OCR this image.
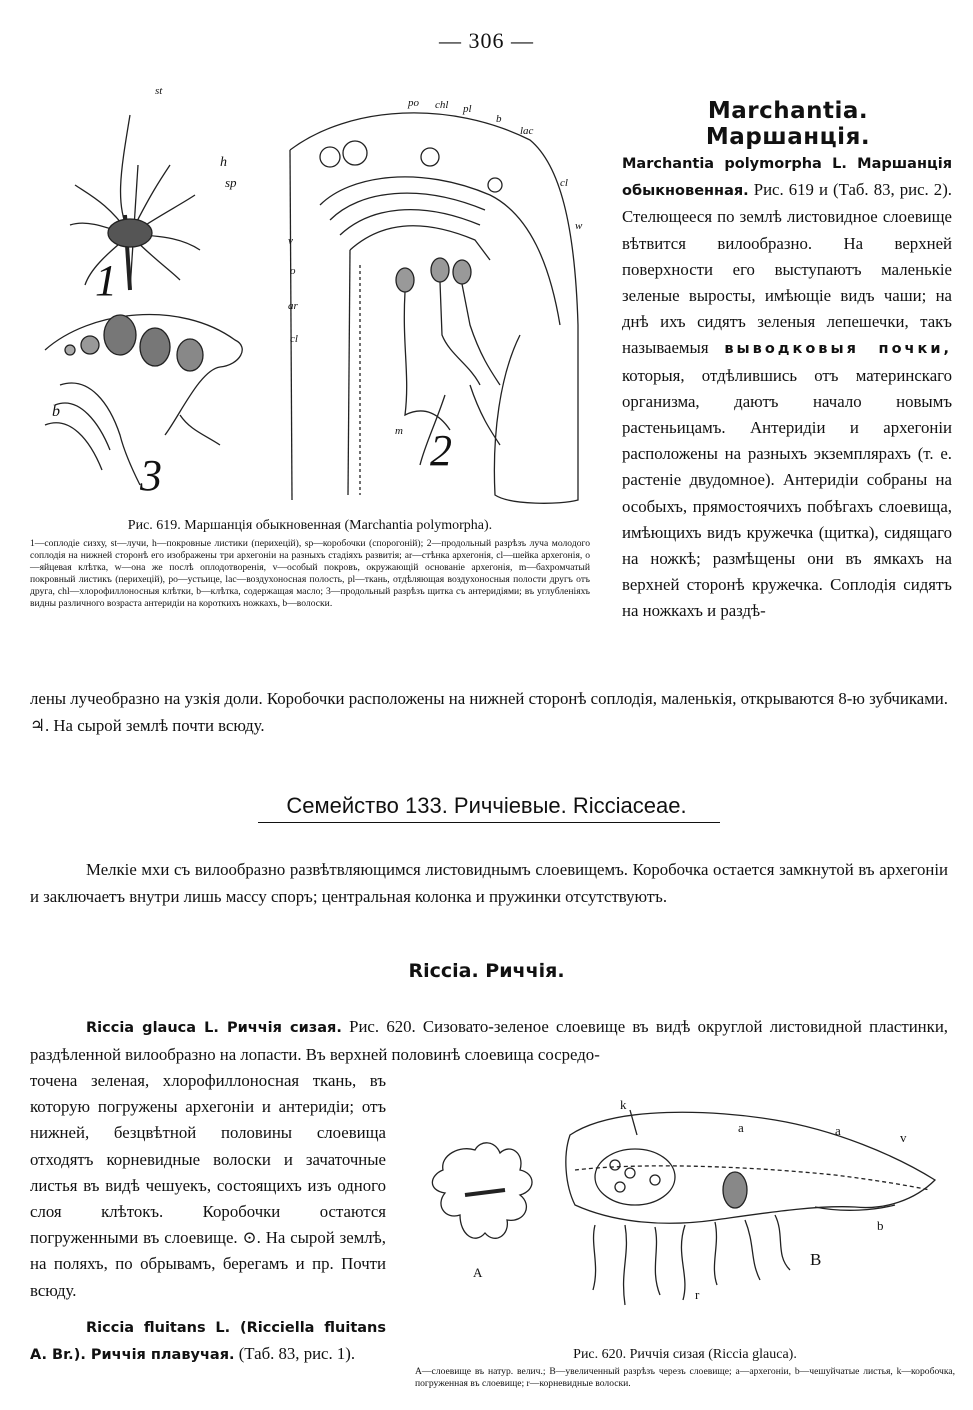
— 306 —
st
h
sp
1
3
2
b
po chl pl
b
lac
cl
w
v
o
ar
cl
m
Marchantia. Маршанція.
Marchantia polymorpha L. Маршанція обыкновенная. Рис. 619 и (Таб. 83, рис. 2). Стелющееся по землѣ листовидное слоевище вѣтвится вилообразно. На верхней поверхности его выступаютъ маленькіе зеленые выросты, имѣющіе видъ чаши; на днѣ ихъ сидятъ зеленыя лепешечки, такъ называемыя выводковыя почки, которыя, отдѣлившись отъ материнскаго организма, даютъ начало новымъ растеньицамъ. Антеридіи и архегоніи расположены на разныхъ экземплярахъ (т. е. растеніе двудомное). Антеридіи собраны на особыхъ, прямостоячихъ побѣгахъ слоевища, имѣющихъ видъ кружечка (щитка), сидящаго на ножкѣ; размѣщены они въ ямкахъ на верхней сторонѣ кружечка. Соплодія сидятъ на ножкахъ и раздѣ-
Рис. 619. Маршанція обыкновенная (Marchantia polymorpha).
1—соплодіе сизху, st—лучи, h—покровные листики (перихецій), sp—коробочки (спорогоній); 2—продольный разрѣзъ луча молодого соплодія на нижней сторонѣ его изображены три архегоніи на разныхъ стадіяхъ развитія; ar—стѣнка архегонія, cl—шейка архегонія, o—яйцевая клѣтка, w—она же послѣ оплодотворенія, v—особый покровъ, окружающій основаніе архегонія, m—бахромчатый покровный листикъ (перихецій), po—устьице, lac—воздухоносная полость, pl—ткань, отдѣляющая воздухоносныя полости другъ отъ друга, chl—хлорофиллоносныя клѣтки, b—клѣтка, содержащая масло; 3—продольный разрѣзъ щитка съ антеридіями; въ углубленіяхъ видны различного возраста антеридіи на короткихъ ножкахъ, b—волоски.
лены лучеобразно на узкія доли. Коробочки расположены на нижней сторонѣ соплодія, маленькія, открываются 8-ю зубчиками. ♃. На сырой землѣ почти всюду.
Семейство 133. Риччіевые. Ricciaceae.
Мелкіе мхи съ вилообразно развѣтвляющимся листовиднымъ слоевищемъ. Коробочка остается замкнутой въ архегоніи и заключаетъ внутри лишь массу споръ; центральная колонка и пружинки отсутствуютъ.
Riccia. Риччія.
Riccia glauca L. Риччія сизая. Рис. 620. Сизовато-зеленое слоевище въ видѣ округлой листовидной пластинки, раздѣленной вилообразно на лопасти. Въ верхней половинѣ слоевища сосредо-
точена зеленая, хлорофиллоносная ткань, въ которую погружены архегоніи и антеридіи; отъ нижней, безцвѣтной половины слоевища отходятъ корневидные волоски и зачаточные листья въ видѣ чешуекъ, состоящихъ изъ одного слоя клѣтокъ. Коробочки остаются погруженными въ слоевище. ⊙. На сырой землѣ, на поляхъ, по обрывамъ, берегамъ и пр. Почти всюду.
Riccia fluitans L. (Ricciella fluitans A. Br.). Риччія плавучая. (Таб. 83, рис. 1).
A
k
a	a	v
b
B
r
Рис. 620. Риччія сизая (Riccia glauca).
A—слоевище въ натур. велич.; B—увеличенный разрѣзъ черезъ слоевище; a—архегоніи, b—чешуйчатые листья, k—коробочка, погруженная въ слоевище; r—корневидные волоски.
